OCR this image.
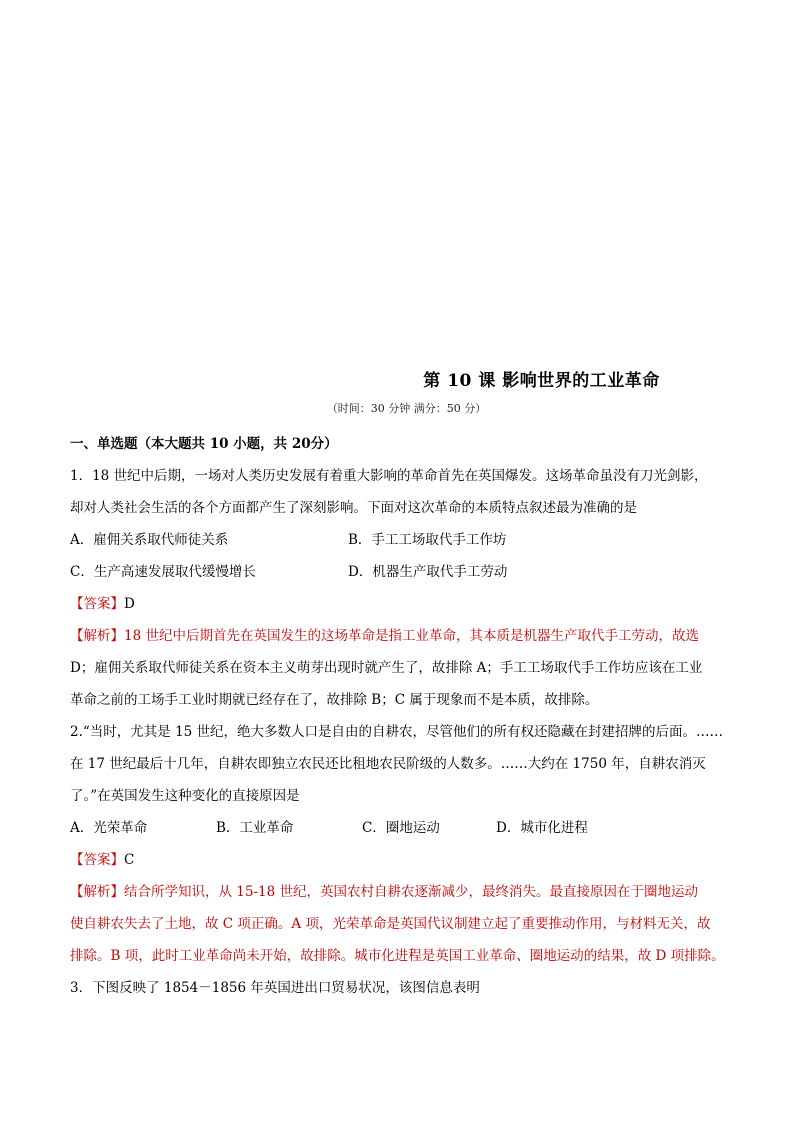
第 10 课 影响世界的工业革命
（时间：30 分钟 满分：50 分）
一、单选题（本大题共 10 小题，共 20分）
1．18 世纪中后期，一场对人类历史发展有着重大影响的革命首先在英国爆发。这场革命虽没有刀光剑影，
却对人类社会生活的各个方面都产生了深刻影响。下面对这次革命的本质特点叙述最为准确的是
A．雇佣关系取代师徒关系	B．手工工场取代手工作坊
C．生产高速发展取代缓慢增长	D．机器生产取代手工劳动
【答案】D
【解析】18 世纪中后期首先在英国发生的这场革命是指工业革命，其本质是机器生产取代手工劳动，故选
D；雇佣关系取代师徒关系在资本主义萌芽出现时就产生了，故排除 A；手工工场取代手工作坊应该在工业
革命之前的工场手工业时期就已经存在了，故排除 B；C 属于现象而不是本质，故排除。
2.“当时，尤其是 15 世纪，绝大多数人口是自由的自耕农，尽管他们的所有权还隐藏在封建招牌的后面。……
在 17 世纪最后十几年，自耕农即独立农民还比租地农民阶级的人数多。……大约在 1750 年，自耕农消灭
了。”在英国发生这种变化的直接原因是
A．光荣革命	B．工业革命	C．圈地运动	D．城市化进程
【答案】C
【解析】结合所学知识，从 15-18 世纪，英国农村自耕农逐渐减少，最终消失。最直接原因在于圈地运动
使自耕农失去了土地，故 C 项正确。A 项，光荣革命是英国代议制建立起了重要推动作用，与材料无关，故
排除。B 项，此时工业革命尚未开始，故排除。城市化进程是英国工业革命、圈地运动的结果，故 D 项排除。
3．下图反映了 1854－1856 年英国进出口贸易状况，该图信息表明
